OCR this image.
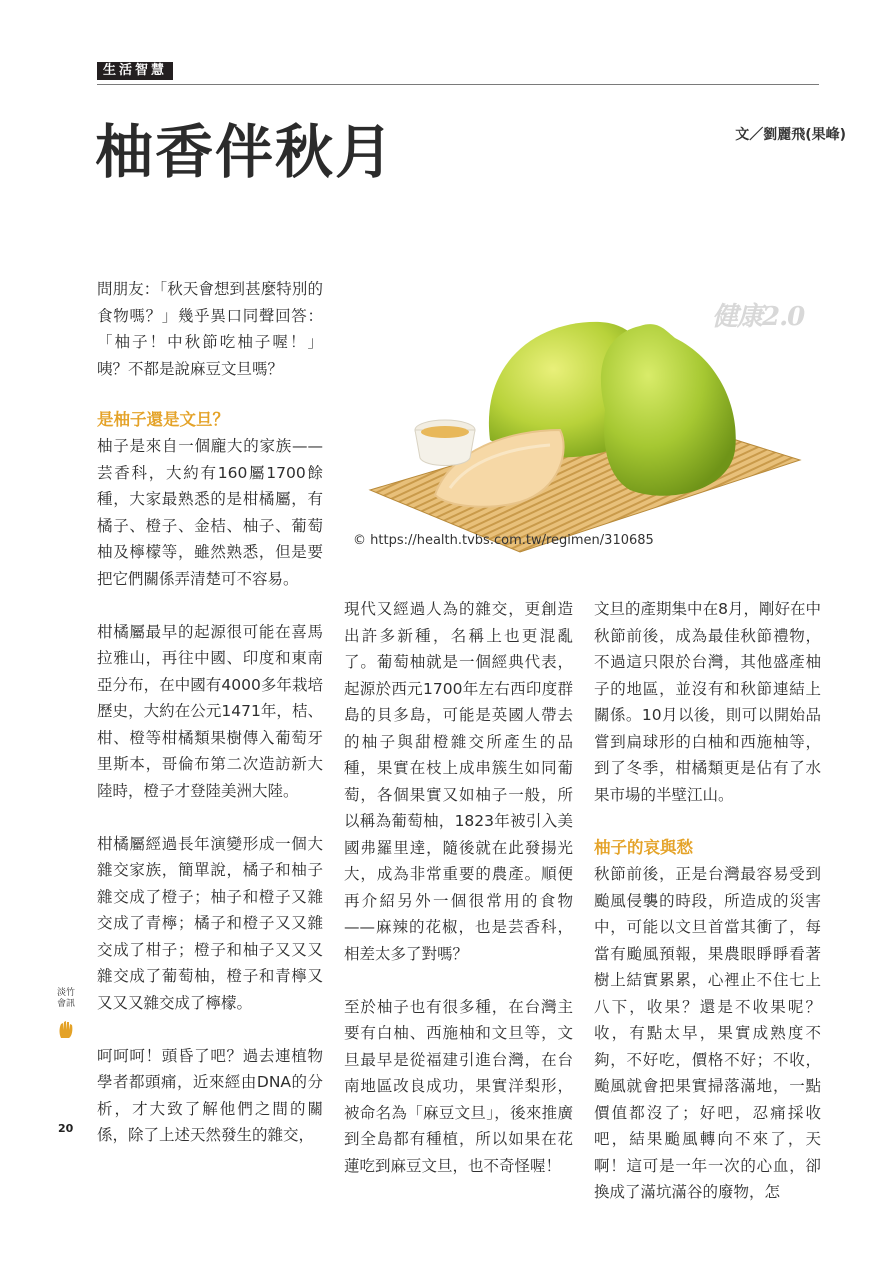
生活智慧
柚香伴秋月	文／劉麗飛(果峰)

問朋友：「秋天會想到甚麼特別的食物嗎？」幾乎異口同聲回答：「柚子！中秋節吃柚子喔！」咦？不都是說麻豆文旦嗎？

是柚子還是文旦？

柚子是來自一個龐大的家族——芸香科，大約有160屬1700餘種，大家最熟悉的是柑橘屬，有橘子、橙子、金桔、柚子、葡萄柚及檸檬等，雖然熟悉，但是要把它們關係弄清楚可不容易。

柑橘屬最早的起源很可能在喜馬拉雅山，再往中國、印度和東南亞分布，在中國有4000多年栽培歷史，大約在公元1471年，桔、柑、橙等柑橘類果樹傳入葡萄牙里斯本，哥倫布第二次造訪新大陸時，橙子才登陸美洲大陸。

柑橘屬經過長年演變形成一個大雜交家族，簡單說，橘子和柚子雜交成了橙子；柚子和橙子又雜交成了青檸；橘子和橙子又又雜交成了柑子；橙子和柚子又又又雜交成了葡萄柚，橙子和青檸又又又又雜交成了檸檬。

呵呵呵！頭昏了吧？過去連植物學者都頭痛，近來經由DNA的分析，才大致了解他們之間的關係，除了上述天然發生的雜交，

健康2.0
© https://health.tvbs.com.tw/regimen/310685

現代又經過人為的雜交，更創造出許多新種，名稱上也更混亂了。葡萄柚就是一個經典代表，起源於西元1700年左右西印度群島的貝多島，可能是英國人帶去的柚子與甜橙雜交所產生的品種，果實在枝上成串簇生如同葡萄，各個果實又如柚子一般，所以稱為葡萄柚，1823年被引入美國弗羅里達，隨後就在此發揚光大，成為非常重要的農產。順便再介紹另外一個很常用的食物——麻辣的花椒，也是芸香科，相差太多了對嗎？

至於柚子也有很多種，在台灣主要有白柚、西施柚和文旦等，文旦最早是從福建引進台灣，在台南地區改良成功，果實洋梨形，被命名為「麻豆文旦」，後來推廣到全島都有種植，所以如果在花蓮吃到麻豆文旦，也不奇怪喔！

文旦的產期集中在8月，剛好在中秋節前後，成為最佳秋節禮物，不過這只限於台灣，其他盛產柚子的地區，並沒有和秋節連結上關係。10月以後，則可以開始品嘗到扁球形的白柚和西施柚等，到了冬季，柑橘類更是佔有了水果市場的半壁江山。

柚子的哀與愁

秋節前後，正是台灣最容易受到颱風侵襲的時段，所造成的災害中，可能以文旦首當其衝了，每當有颱風預報，果農眼睜睜看著樹上結實累累，心裡止不住七上八下，收果？還是不收果呢？收，有點太早，果實成熟度不夠，不好吃，價格不好；不收，颱風就會把果實掃落滿地，一點價值都沒了；好吧，忍痛採收吧，結果颱風轉向不來了，天啊！這可是一年一次的心血，卻換成了滿坑滿谷的廢物，怎

淡竹會訊
20
